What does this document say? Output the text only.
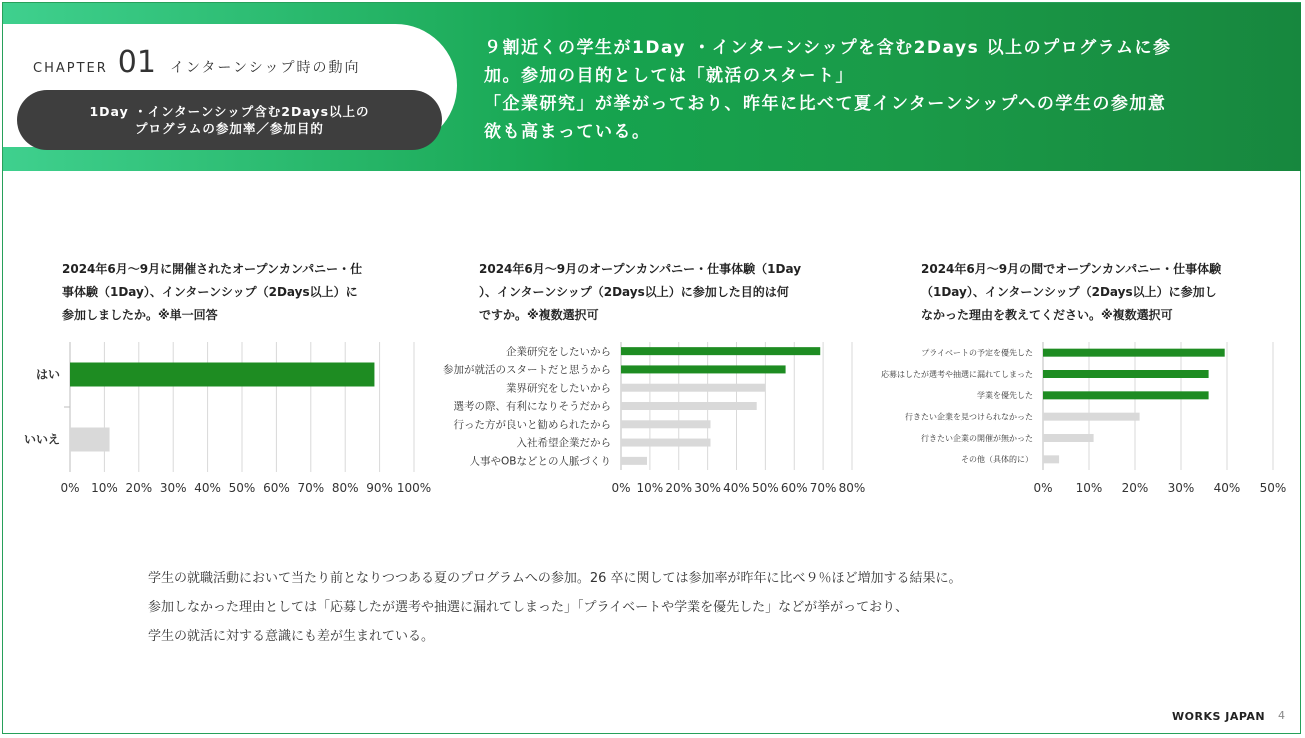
CHAPTER 01 インターンシップ時の動向
1Day ・インターンシップ含む2Days以上の
プログラムの参加率／参加目的
９割近くの学生が1Day ・インターンシップを含む2Days 以上のプログラムに参
加。参加の目的としては「就活のスタート」
「企業研究」が挙がっており、昨年に比べて夏インターンシップへの学生の参加意
欲も高まっている。
2024年6月～9月に開催されたオープンカンパニー・仕
事体験（1Day）、インターンシップ（2Days以上）に
参加しましたか。※単一回答
2024年6月～9月のオープンカンパニー・仕事体験（1Day
）、インターンシップ（2Days以上）に参加した目的は何
ですか。※複数選択可
2024年6月～9月の間でオープンカンパニー・仕事体験
（1Day）、インターンシップ（2Days以上）に参加し
なかった理由を教えてください。※複数選択可
0% 10% 20% 30% 40% 50% 60% 70% 80% 90% 100%
はい
いいえ
0% 10% 20% 30% 40% 50% 60% 70% 80%
企業研究をしたいから
参加が就活のスタートだと思うから
業界研究をしたいから
選考の際、有利になりそうだから
行った方が良いと勧められたから
入社希望企業だから
人事やOBなどとの人脈づくり
0% 10% 20% 30% 40% 50%
プライベートの予定を優先した
応募はしたが選考や抽選に漏れてしまった
学業を優先した
行きたい企業を見つけられなかった
行きたい企業の開催が無かった
その他（具体的に）
学生の就職活動において当たり前となりつつある夏のプログラムへの参加。26 卒に関しては参加率が昨年に比べ９％ほど増加する結果に。
参加しなかった理由としては「応募したが選考や抽選に漏れてしまった」「プライベートや学業を優先した」などが挙がっており、
学生の就活に対する意識にも差が生まれている。
WORKS JAPAN 4
